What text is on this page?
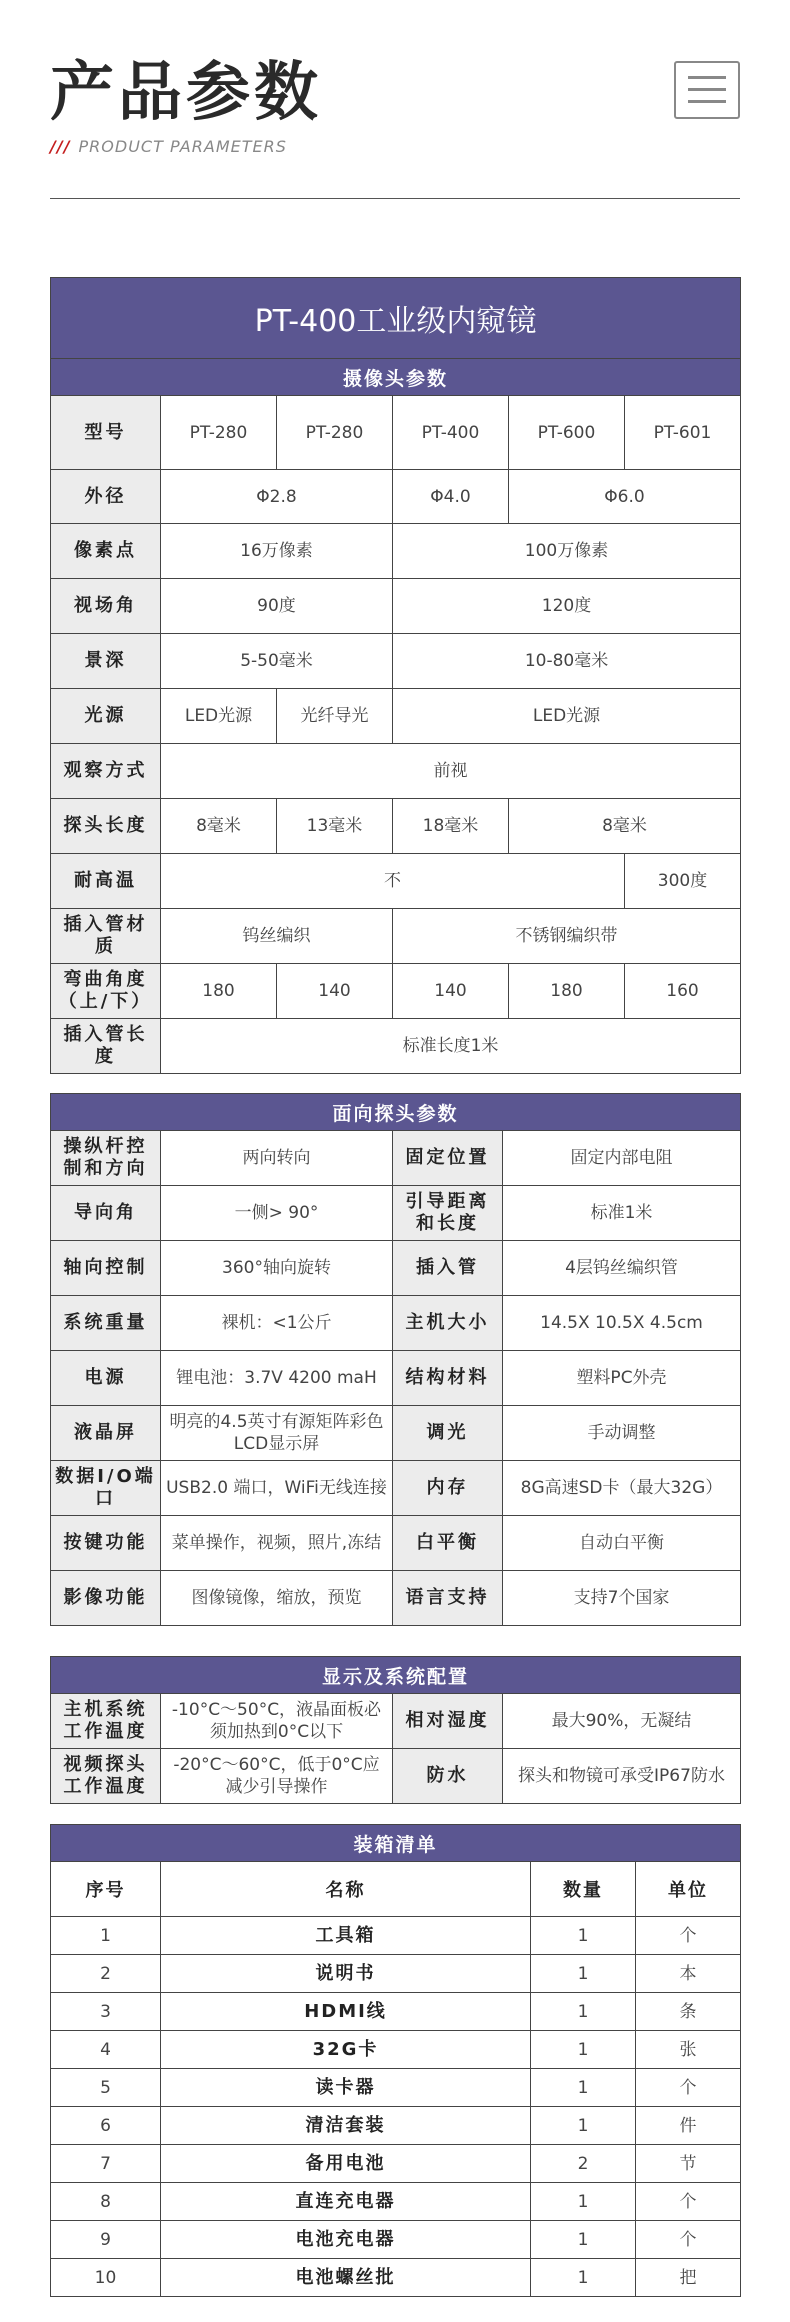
产品参数
/// PRODUCT PARAMETERS
PT-400工业级内窥镜					
摄像头参数					
型号	PT-280	PT-280	PT-400	PT-600	PT-601
外径	Φ2.8		Φ4.0	Φ6.0	
像素点	16万像素		100万像素		
视场角	90度		120度		
景深	5-50毫米		10-80毫米		
光源	LED光源	光纤导光	LED光源		
观察方式	前视				
探头长度	8毫米	13毫米	18毫米	8毫米	
耐高温	不				300度
插入管材质	钨丝编织		不锈钢编织带		
弯曲角度（上/下）	180	140	140	180	160
插入管长度	标准长度1米				
面向探头参数			
操纵杆控制和方向	两向转向	固定位置	固定内部电阻
导向角	一侧> 90°	引导距离和长度	标准1米
轴向控制	360°轴向旋转	插入管	4层钨丝编织管
系统重量	裸机：<1公斤	主机大小	14.5X 10.5X 4.5cm
电源	锂电池：3.7V 4200 maH	结构材料	塑料PC外壳
液晶屏	明亮的4.5英寸有源矩阵彩色LCD显示屏	调光	手动调整
数据I/O端口	USB2.0 端口，WiFi无线连接	内存	8G高速SD卡（最大32G）
按键功能	菜单操作，视频，照片,冻结	白平衡	自动白平衡
影像功能	图像镜像，缩放，预览	语言支持	支持7个国家
显示及系统配置			
主机系统工作温度	-10°C～50°C，液晶面板必须加热到0°C以下	相对湿度	最大90%，无凝结
视频探头工作温度	-20°C～60°C，低于0°C应减少引导操作	防水	探头和物镜可承受IP67防水
装箱清单			
序号	名称	数量	单位
1	工具箱	1	个
2	说明书	1	本
3	HDMI线	1	条
4	32G卡	1	张
5	读卡器	1	个
6	清洁套装	1	件
7	备用电池	2	节
8	直连充电器	1	个
9	电池充电器	1	个
10	电池螺丝批	1	把
